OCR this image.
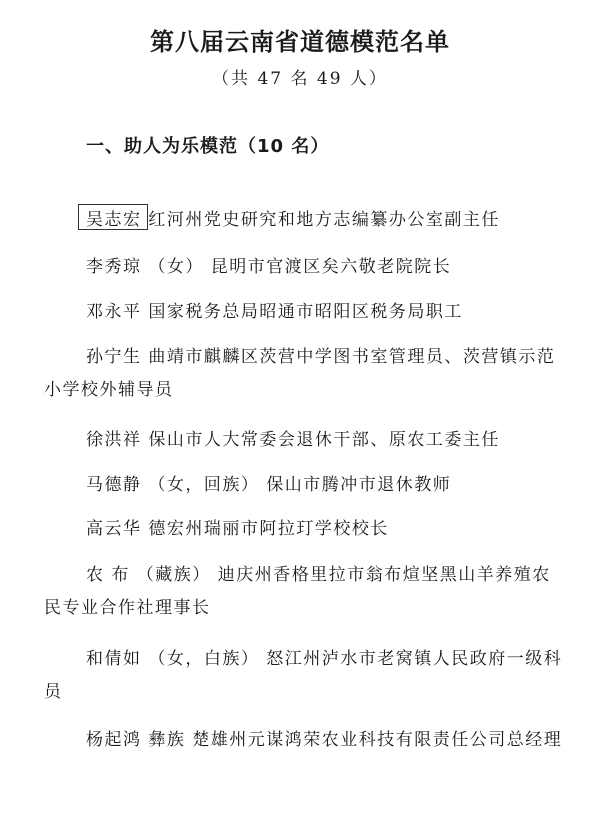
第八届云南省道德模范名单
（共 47 名 49 人）
一、助人为乐模范（10 名）
吴志宏 红河州党史研究和地方志编纂办公室副主任
李秀琼 （女） 昆明市官渡区矣六敬老院院长
邓永平 国家税务总局昭通市昭阳区税务局职工
孙宁生 曲靖市麒麟区茨营中学图书室管理员、茨营镇示范小学校外辅导员
徐洪祥 保山市人大常委会退休干部、原农工委主任
马德静 （女，回族） 保山市腾冲市退休教师
高云华 德宏州瑞丽市阿拉玎学校校长
农 布 （藏族） 迪庆州香格里拉市翁布煊坚黑山羊养殖农民专业合作社理事长
和倩如 （女，白族） 怒江州泸水市老窝镇人民政府一级科员
杨起鸿 彝族 楚雄州元谋鸿荣农业科技有限责任公司总经理
